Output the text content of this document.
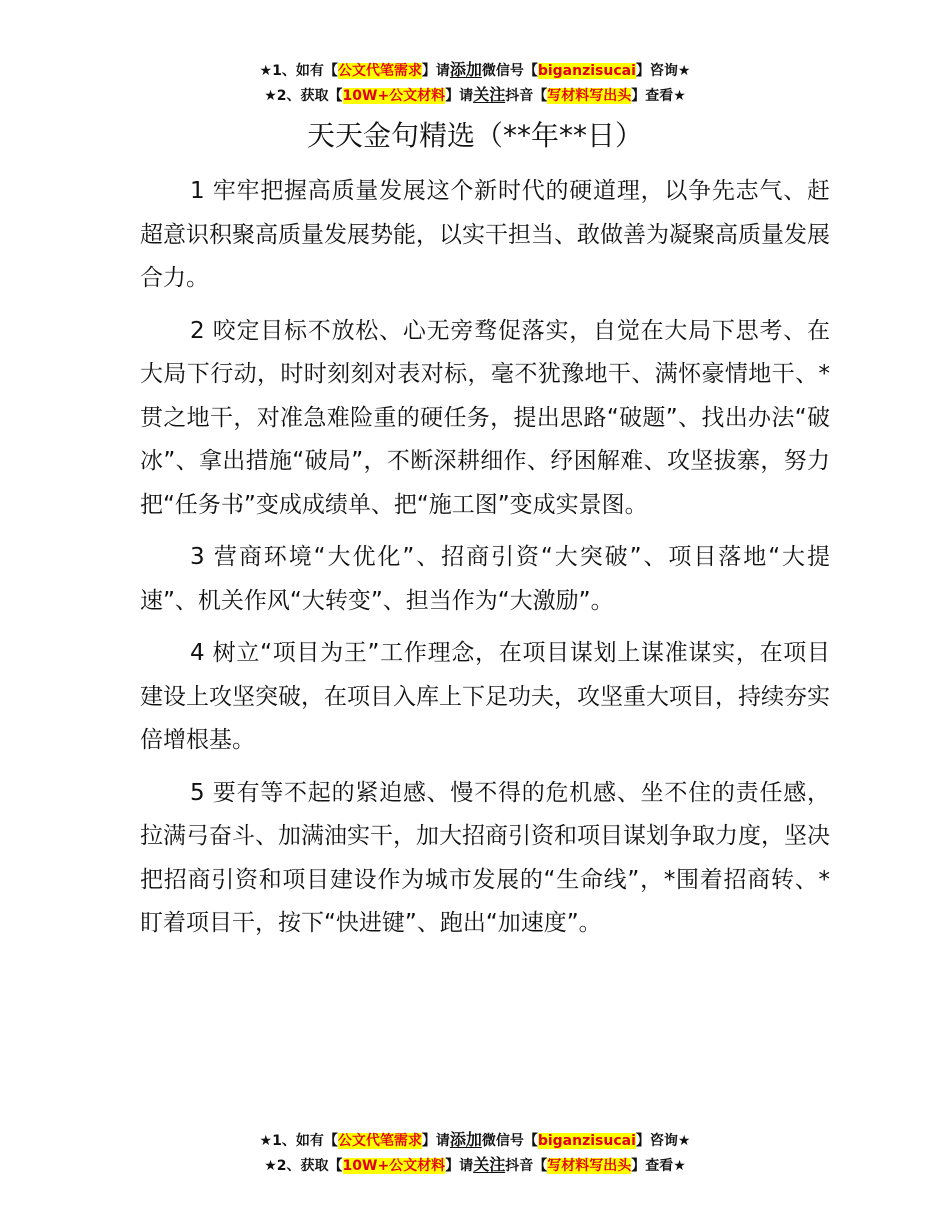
★1、如有【公文代笔需求】请添加微信号【biganzisucai】咨询★
★2、获取【10W+公文材料】请关注抖音【写材料写出头】查看★
天天金句精选（**年**日）

1 牢牢把握高质量发展这个新时代的硬道理，以争先志气、赶超意识积聚高质量发展势能，以实干担当、敢做善为凝聚高质量发展合力。

2 咬定目标不放松、心无旁骛促落实，自觉在大局下思考、在大局下行动，时时刻刻对表对标，毫不犹豫地干、满怀豪情地干、*贯之地干，对准急难险重的硬任务，提出思路“破题”、找出办法“破冰”、拿出措施“破局”，不断深耕细作、纾困解难、攻坚拔寨，努力把“任务书”变成成绩单、把“施工图”变成实景图。

3 营商环境“大优化”、招商引资“大突破”、项目落地“大提速”、机关作风“大转变”、担当作为“大激励”。

4 树立“项目为王”工作理念，在项目谋划上谋准谋实，在项目建设上攻坚突破，在项目入库上下足功夫，攻坚重大项目，持续夯实倍增根基。

5 要有等不起的紧迫感、慢不得的危机感、坐不住的责任感，拉满弓奋斗、加满油实干，加大招商引资和项目谋划争取力度，坚决把招商引资和项目建设作为城市发展的“生命线”，*围着招商转、*盯着项目干，按下“快进键”、跑出“加速度”。

★1、如有【公文代笔需求】请添加微信号【biganzisucai】咨询★
★2、获取【10W+公文材料】请关注抖音【写材料写出头】查看★
